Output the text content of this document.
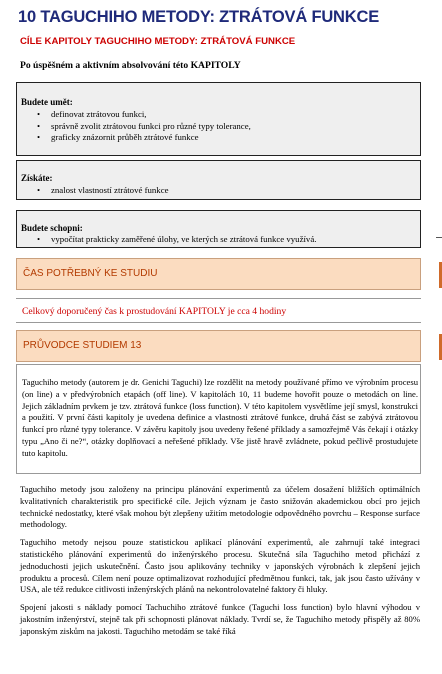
10 TAGUCHIHO METODY: ZTRÁTOVÁ FUNKCE
CÍLE KAPITOLY TAGUCHIHO METODY: ZTRÁTOVÁ FUNKCE
Po úspěšném a aktivním absolvování této KAPITOLY
Budete umět:
• definovat ztrátovou funkci,
• správně zvolit ztrátovou funkci pro různé typy tolerance,
• graficky znázornit průběh ztrátové funkce
Získáte:
• znalost vlastností ztrátové funkce
Budete schopni:
• vypočítat prakticky zaměřené úlohy, ve kterých se ztrátová funkce využívá.
ČAS POTŘEBNÝ KE STUDIU
Celkový doporučený čas k prostudování KAPITOLY je cca 4 hodiny
PRŮVODCE STUDIEM 13

Taguchiho metody (autorem je dr. Genichi Taguchi) lze rozdělit na metody používané přímo ve výrobním procesu (on line) a v předvýrobních etapách (off line). V kapitolách 10, 11 budeme hovořit pouze o metodách on line. Jejich základním prvkem je tzv. ztrátová funkce (loss function). V této kapitolem vysvětlíme její smysl, konstrukci a použití. V první části kapitoly je uvedena definice a vlastnosti ztrátové funkce, druhá část se zabývá ztrátovou funkcí pro různé typy tolerance. V závěru kapitoly jsou uvedeny řešené příklady a samozřejmě Vás čekají i otázky typu „Ano či ne?“, otázky doplňovací a neřešené příklady. Vše jistě hravě zvládnete, pokud pečlivě prostudujete tuto kapitolu.

Taguchiho metody jsou založeny na principu plánování experimentů za účelem dosažení bližších optimálních kvalitativních charakteristik pro specifické cíle. Jejich význam je často snižován akademickou obcí pro jejich technické nedostatky, které však mohou být zlepšeny užitím metodologie odpovědného povrchu – Response surface methodology.

Taguchiho metody nejsou pouze statistickou aplikací plánování experimentů, ale zahrnují také integraci statistického plánování experimentů do inženýrského procesu. Skutečná síla Taguchiho metod přichází z jednoduchosti jejich uskutečnění. Často jsou aplikovány techniky v japonských výrobnách k zlepšení jejich produktu a procesů. Cílem není pouze optimalizovat rozhodující předmětnou funkci, tak, jak jsou často užívány v USA, ale též redukce citlivosti inženýrských plánů na nekontrolovatelné faktory či hluky.

Spojení jakosti s náklady pomocí Tachuchiho ztrátové funkce (Taguchi loss function) bylo hlavní výhodou v jakostním inženýrství, stejně tak při schopnosti plánovat náklady. Tvrdí se, že Taguchiho metody přispěly až 80% japonským ziskům na jakosti. Taguchiho metodám se také říká
